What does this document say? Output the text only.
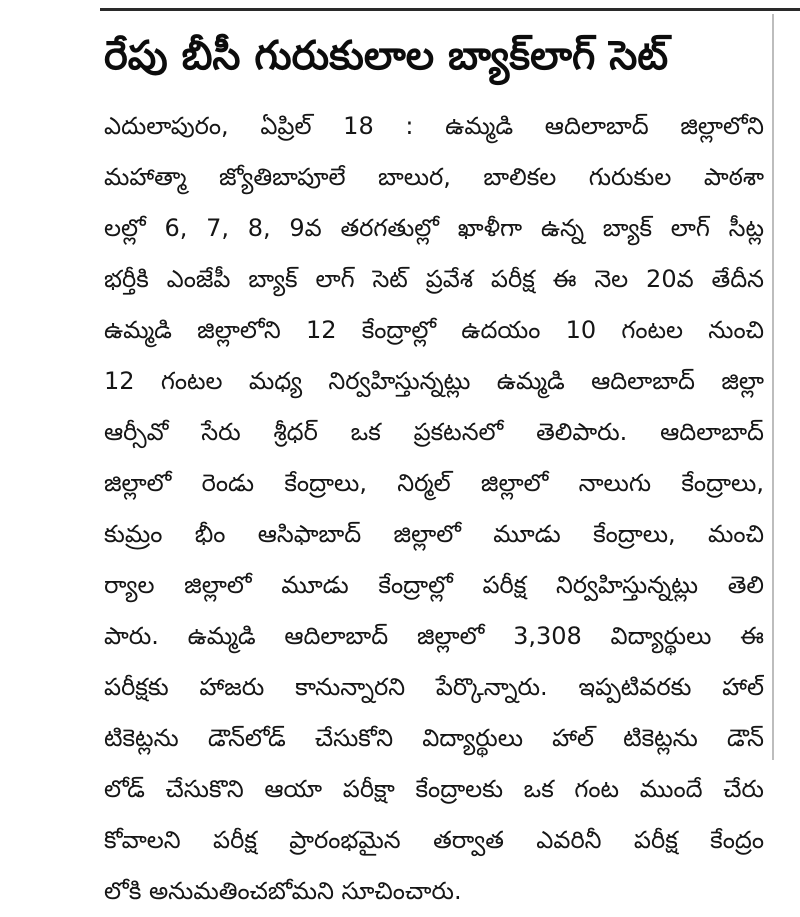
రేపు బీసీ గురుకులాల బ్యాక్‌లాగ్ సెట్
ఎదులాపురం, ఏప్రిల్ 18 : ఉమ్మడి ఆదిలాబాద్ జిల్లాలోని
మహాత్మా జ్యోతిబాపూలే బాలుర, బాలికల గురుకుల పాఠశా
లల్లో 6, 7, 8, 9వ తరగతుల్లో ఖాళీగా ఉన్న బ్యాక్ లాగ్ సీట్ల
భర్తీకి ఎంజేపీ బ్యాక్ లాగ్ సెట్ ప్రవేశ పరీక్ష ఈ నెల 20వ తేదీన
ఉమ్మడి జిల్లాలోని 12 కేంద్రాల్లో ఉదయం 10 గంటల నుంచి
12 గంటల మధ్య నిర్వహిస్తున్నట్లు ఉమ్మడి ఆదిలాబాద్ జిల్లా
ఆర్సీవో సేరు శ్రీధర్ ఒక ప్రకటనలో తెలిపారు. ఆదిలాబాద్
జిల్లాలో రెండు కేంద్రాలు, నిర్మల్ జిల్లాలో నాలుగు కేంద్రాలు,
కుమ్రం భీం ఆసిఫాబాద్ జిల్లాలో మూడు కేంద్రాలు, మంచి
ర్యాల జిల్లాలో మూడు కేంద్రాల్లో పరీక్ష నిర్వహిస్తున్నట్లు తెలి
పారు. ఉమ్మడి ఆదిలాబాద్ జిల్లాలో 3,308 విద్యార్థులు ఈ
పరీక్షకు హాజరు కానున్నారని పేర్కొన్నారు. ఇప్పటివరకు హాల్
టికెట్లను డౌన్‌లోడ్ చేసుకోని విద్యార్థులు హాల్ టికెట్లను డౌన్
లోడ్ చేసుకొని ఆయా పరీక్షా కేంద్రాలకు ఒక గంట ముందే చేరు
కోవాలని పరీక్ష ప్రారంభమైన తర్వాత ఎవరినీ పరీక్ష కేంద్రం
లోకి అనుమతించబోమని సూచించారు.
